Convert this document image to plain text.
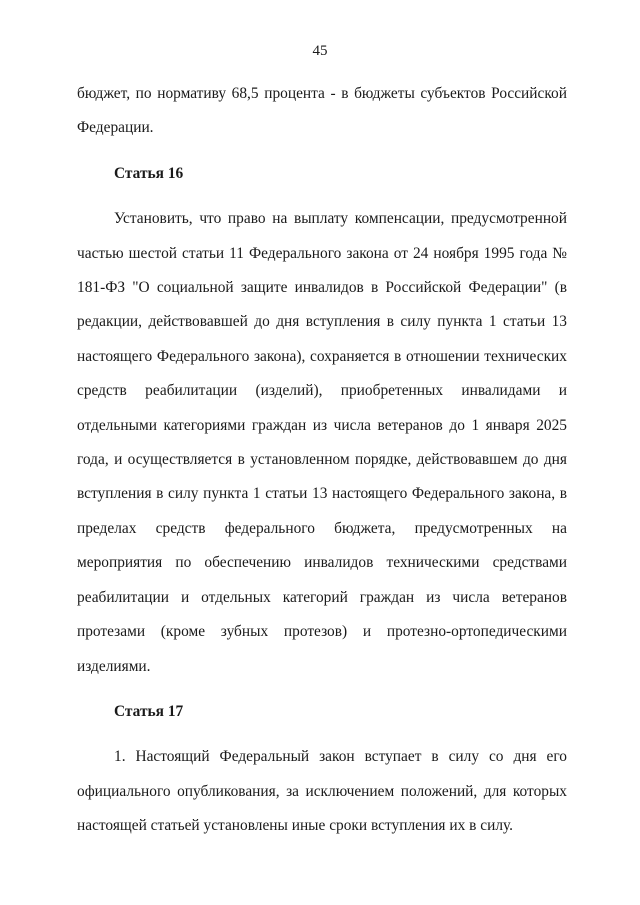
45

бюджет, по нормативу 68,5 процента - в бюджеты субъектов Российской Федерации.

Статья 16

Установить, что право на выплату компенсации, предусмотренной частью шестой статьи 11 Федерального закона от 24 ноября 1995 года № 181-ФЗ "О социальной защите инвалидов в Российской Федерации" (в редакции, действовавшей до дня вступления в силу пункта 1 статьи 13 настоящего Федерального закона), сохраняется в отношении технических средств реабилитации (изделий), приобретенных инвалидами и отдельными категориями граждан из числа ветеранов до 1 января 2025 года, и осуществляется в установленном порядке, действовавшем до дня вступления в силу пункта 1 статьи 13 настоящего Федерального закона, в пределах средств федерального бюджета, предусмотренных на мероприятия по обеспечению инвалидов техническими средствами реабилитации и отдельных категорий граждан из числа ветеранов протезами (кроме зубных протезов) и протезно-ортопедическими изделиями.

Статья 17

1. Настоящий Федеральный закон вступает в силу со дня его официального опубликования, за исключением положений, для которых настоящей статьей установлены иные сроки вступления их в силу.
